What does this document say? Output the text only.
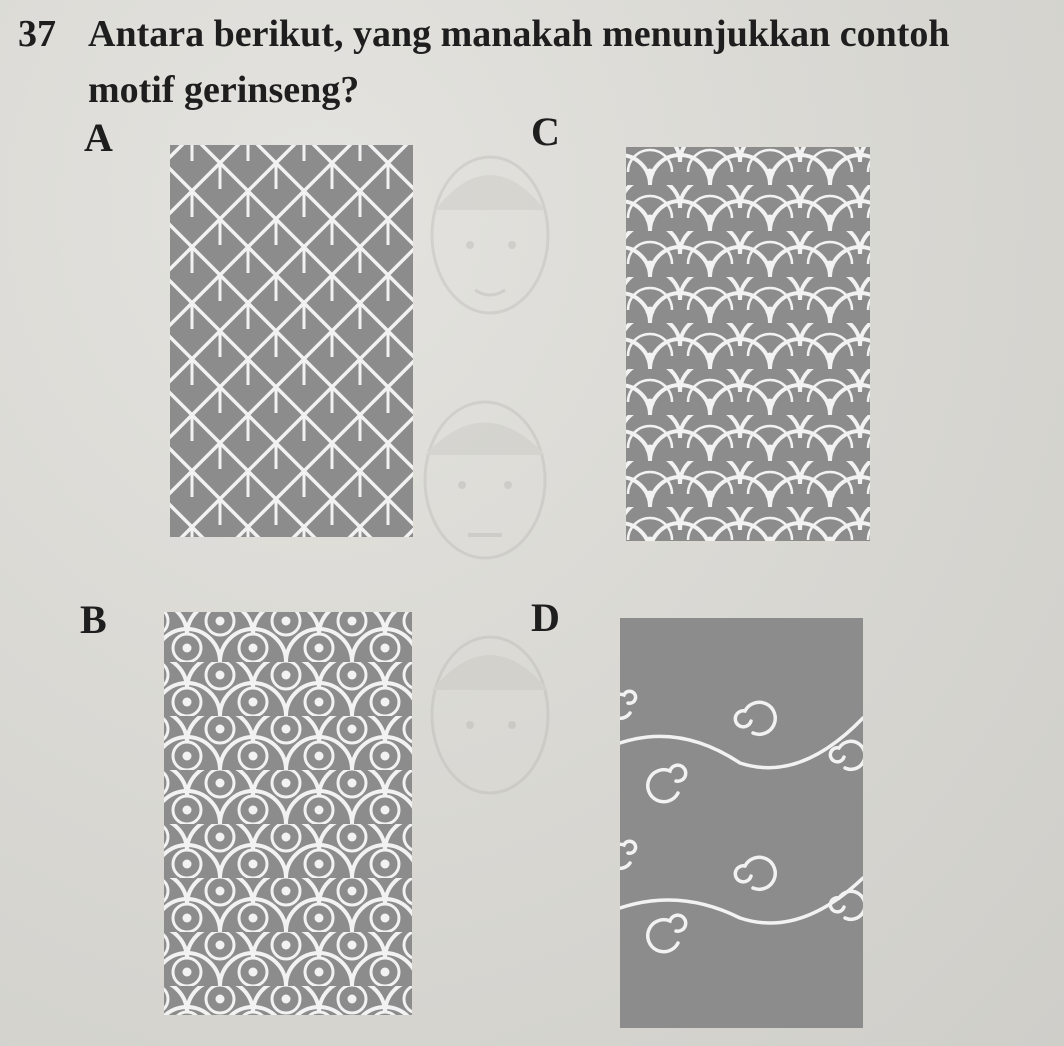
37 Antara berikut, yang manakah menunjukkan contoh
motif gerinseng?
A	C
B	D
